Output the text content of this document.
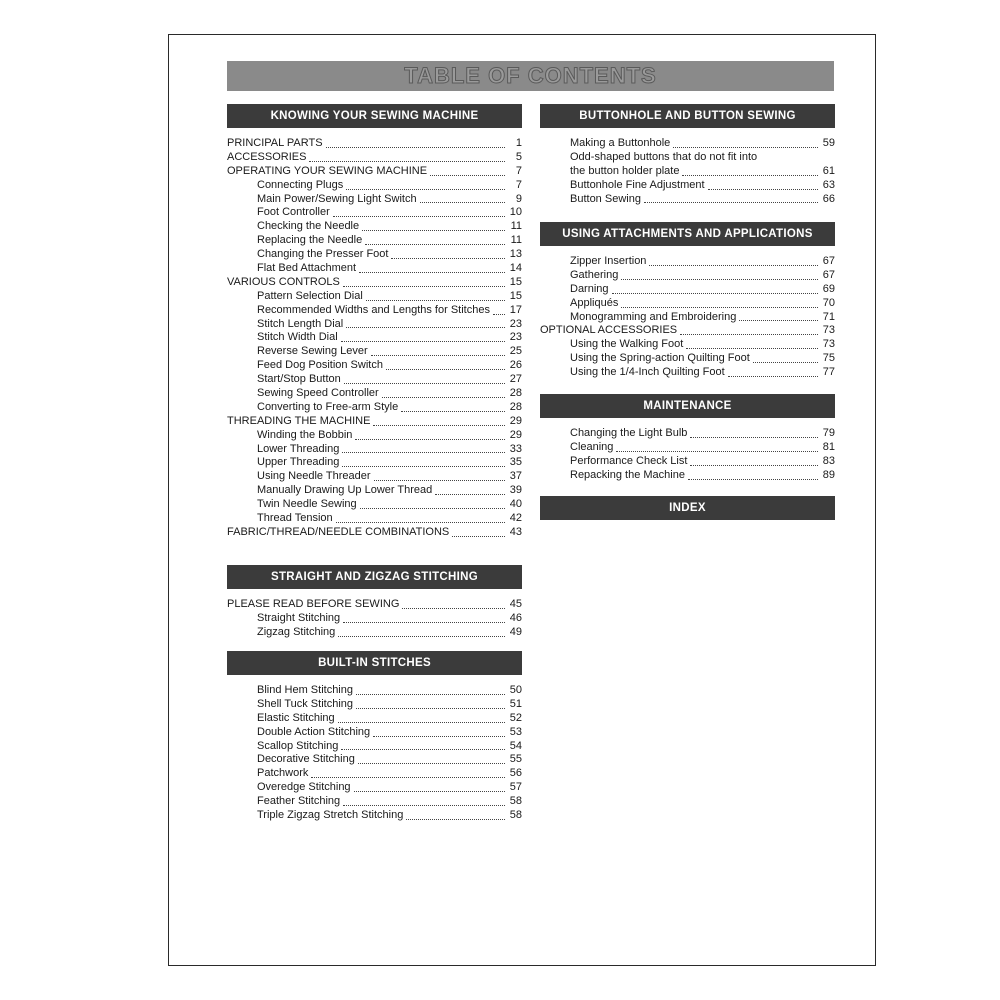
TABLE OF CONTENTS
KNOWING YOUR SEWING MACHINE
PRINCIPAL PARTS	1
ACCESSORIES	5
OPERATING YOUR SEWING MACHINE	7
Connecting Plugs	7
Main Power/Sewing Light Switch	9
Foot Controller	10
Checking the Needle	11
Replacing the Needle	11
Changing the Presser Foot	13
Flat Bed Attachment	14
VARIOUS CONTROLS	15
Pattern Selection Dial	15
Recommended Widths and Lengths for Stitches 17
Stitch Length Dial	23
Stitch Width Dial	23
Reverse Sewing Lever	25
Feed Dog Position Switch	26
Start/Stop Button	27
Sewing Speed Controller	28
Converting to Free-arm Style	28
THREADING THE MACHINE	29
Winding the Bobbin	29
Lower Threading	33
Upper Threading	35
Using Needle Threader	37
Manually Drawing Up Lower Thread	39
Twin Needle Sewing	40
Thread Tension	42
FABRIC/THREAD/NEEDLE COMBINATIONS	43
STRAIGHT AND ZIGZAG STITCHING
PLEASE READ BEFORE SEWING	45
Straight Stitching	46
Zigzag Stitching	49
BUILT-IN STITCHES
Blind Hem Stitching	50
Shell Tuck Stitching	51
Elastic Stitching	52
Double Action Stitching	53
Scallop Stitching	54
Decorative Stitching	55
Patchwork	56
Overedge Stitching	57
Feather Stitching	58
Triple Zigzag Stretch Stitching	58
BUTTONHOLE AND BUTTON SEWING
Making a Buttonhole	59
Odd-shaped buttons that do not fit into
the button holder plate	61
Buttonhole Fine Adjustment	63
Button Sewing	66
USING ATTACHMENTS AND APPLICATIONS
Zipper Insertion	67
Gathering	67
Darning	69
Appliqués	70
Monogramming and Embroidering	71
OPTIONAL ACCESSORIES	73
Using the Walking Foot	73
Using the Spring-action Quilting Foot	75
Using the 1/4-Inch Quilting Foot	77
MAINTENANCE
Changing the Light Bulb	79
Cleaning	81
Performance Check List	83
Repacking the Machine	89
INDEX
